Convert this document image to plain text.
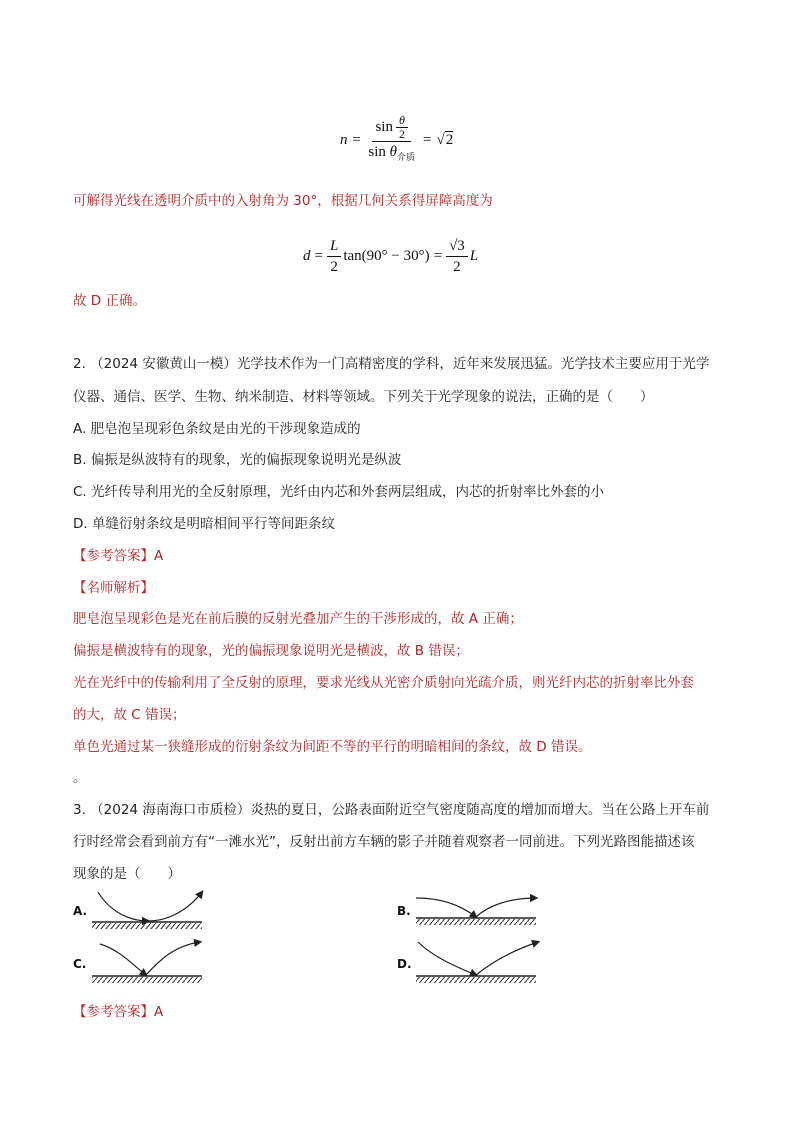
$n = \frac{\sin \frac{\theta}{2}}{\sin \theta_{介质}}$ = √ 2
可解得光线在透明介质中的入射角为 30°，根据几何关系得屏障高度为
$d = \frac{L}{2}$ $\tan (90^\circ - 30^\circ) = \frac{√3}{2}$ L
故 D 正确。
2. （2024 安徽黄山一模）光学技术作为一门高精密度的学科，近年来发展迅猛。光学技术主要应用于光学
仪器、通信、医学、生物、纳米制造、材料等领域。下列关于光学现象的说法，正确的是（　　）
A. 肥皂泡呈现彩色条纹是由光的干涉现象造成的
B. 偏振是纵波特有的现象，光的偏振现象说明光是纵波
C. 光纤传导利用光的全反射原理，光纤由内芯和外套两层组成，内芯的折射率比外套的小
D. 单缝衍射条纹是明暗相间平行等间距条纹
【参考答案】A
【名师解析】
肥皂泡呈现彩色是光在前后膜的反射光叠加产生的干涉形成的，故 A 正确；
偏振是横波特有的现象，光的偏振现象说明光是横波，故 B 错误；
光在光纤中的传输利用了全反射的原理，要求光线从光密介质射向光疏介质，则光纤内芯的折射率比外套
的大，故 C 错误；
单色光通过某一狭缝形成的衍射条纹为间距不等的平行的明暗相间的条纹，故 D 错误。
。
3. （2024 海南海口市质检）炎热的夏日，公路表面附近空气密度随高度的增加而增大。当在公路上开车前
行时经常会看到前方有“一滩水光”，反射出前方车辆的影子并随着观察者一同前进。下列光路图能描述该
现象的是（　　）
A.	B.
C.	D.
【参考答案】A
